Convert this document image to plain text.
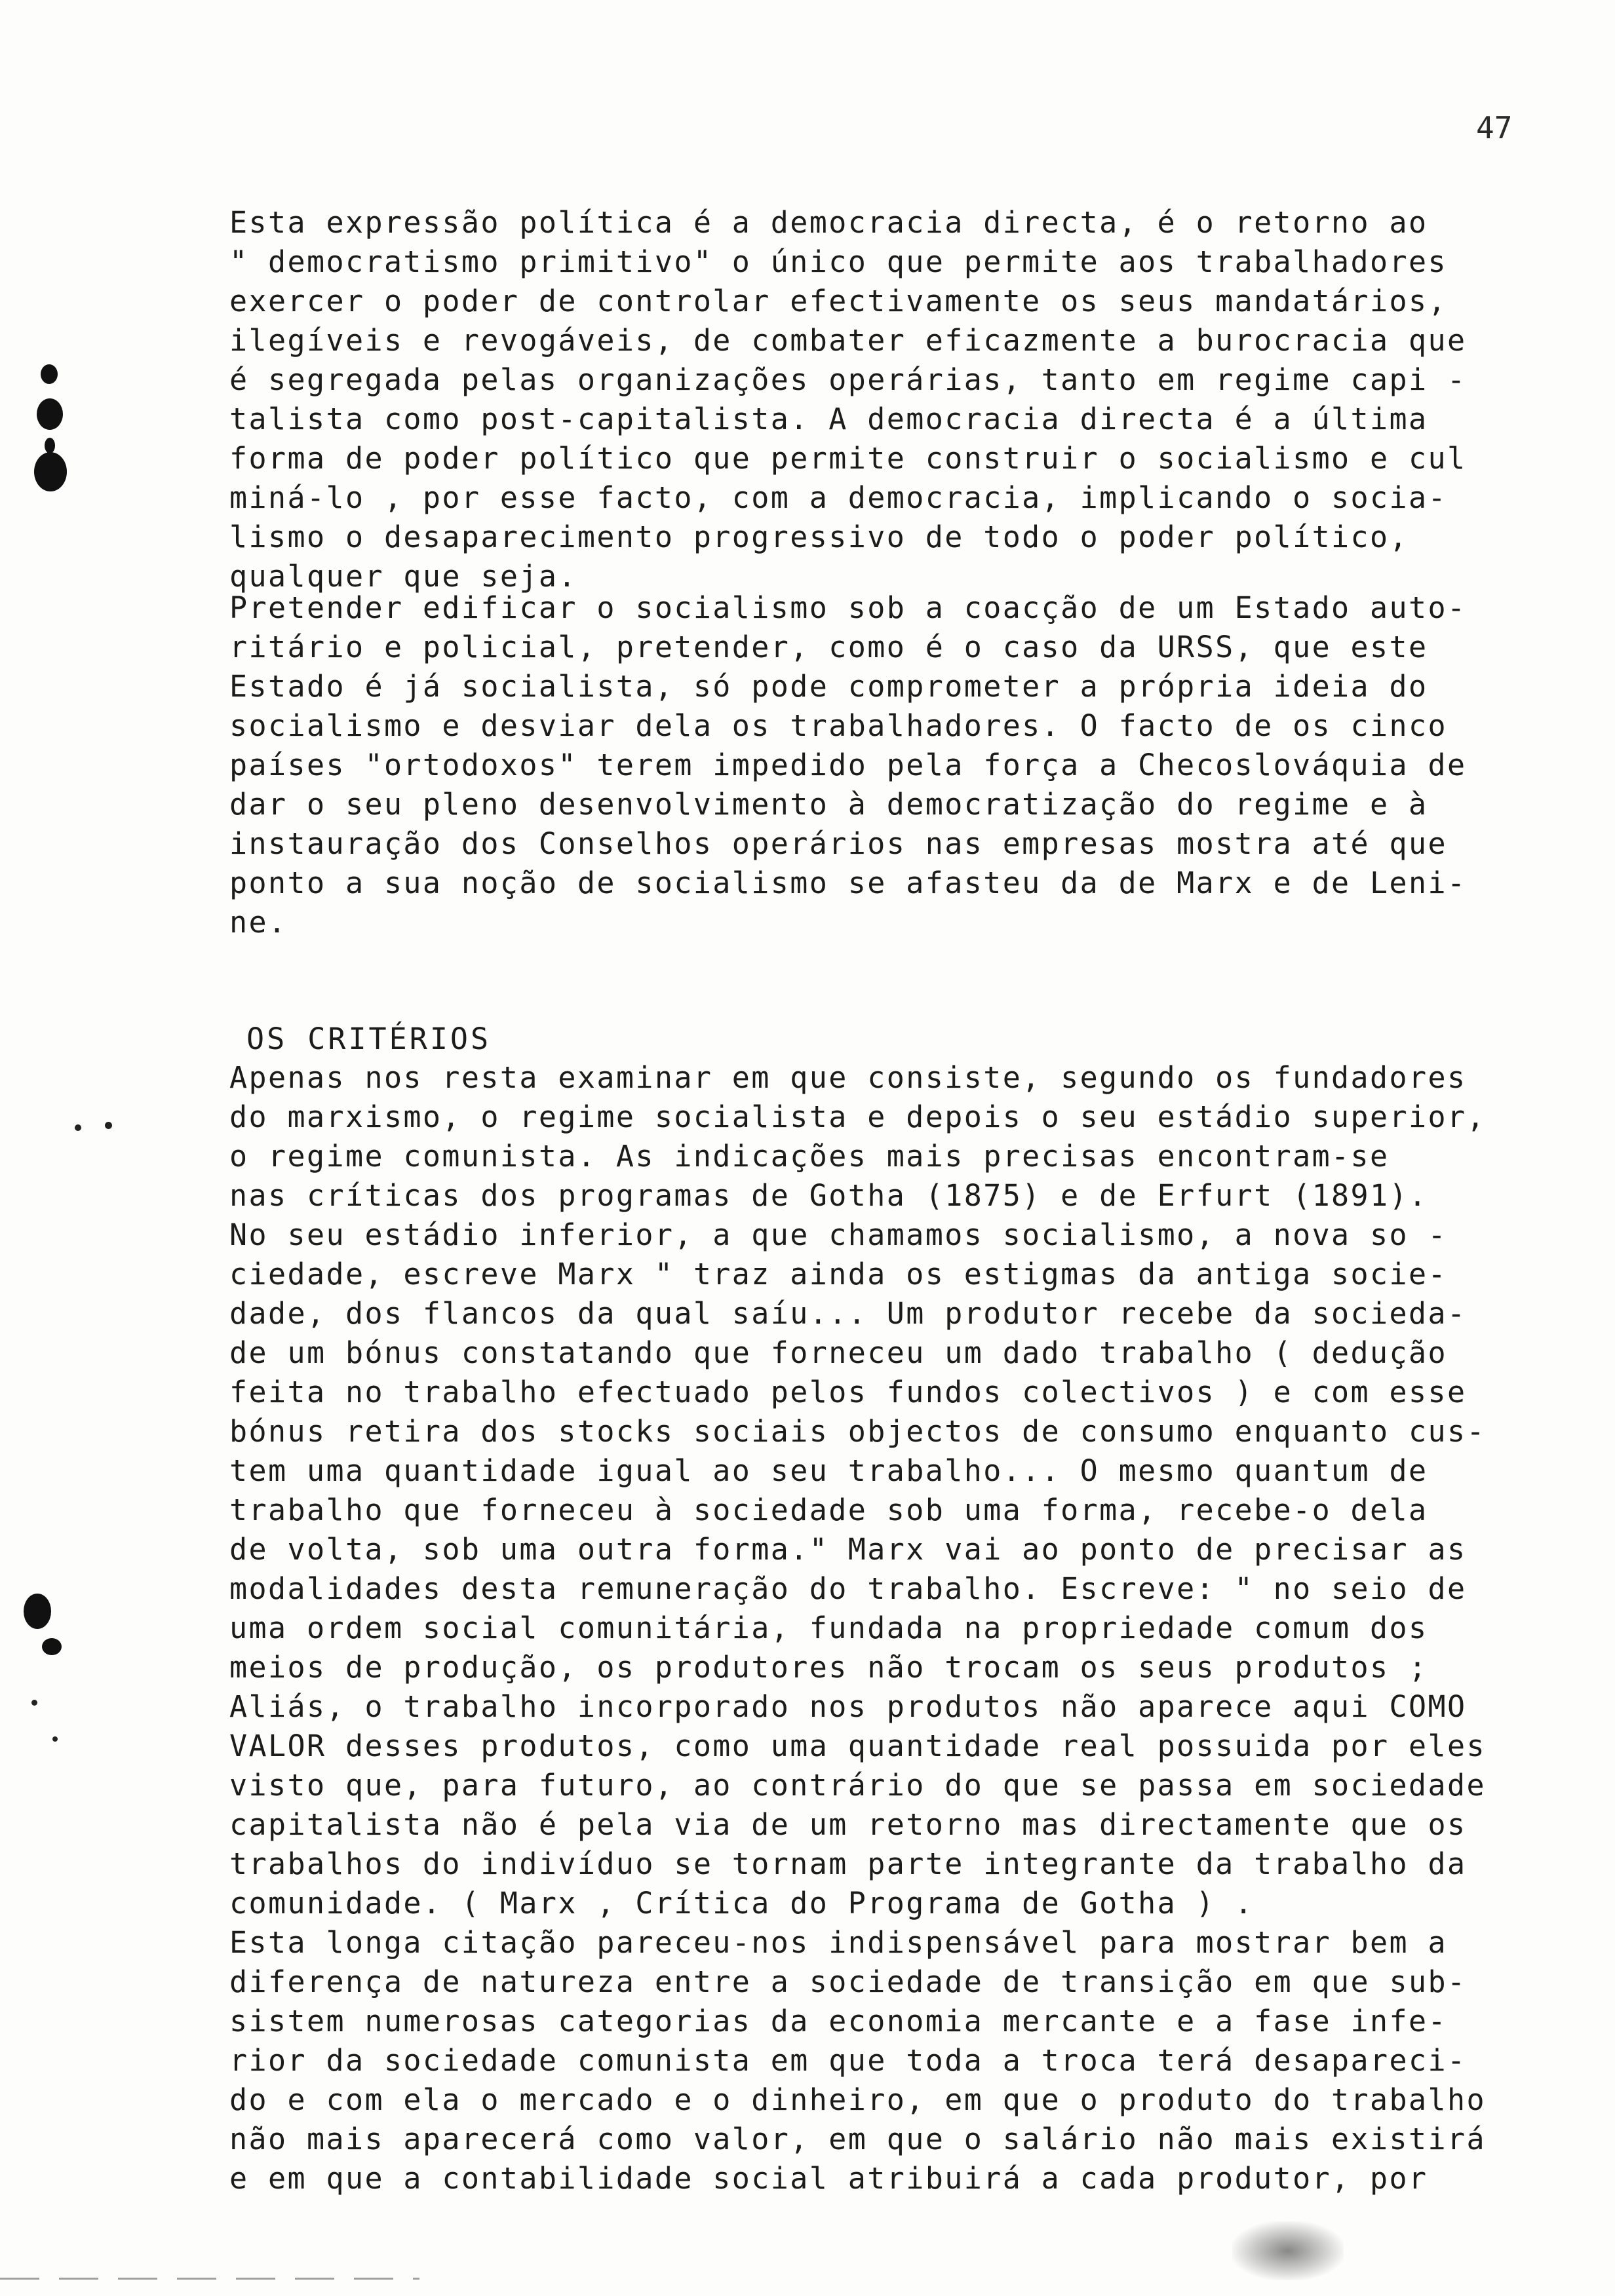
47
Esta expressão política é a democracia directa, é o retorno ao
" democratismo primitivo" o único que permite aos trabalhadores
exercer o poder de controlar efectivamente os seus mandatários,
ilegíveis e revogáveis, de combater eficazmente a burocracia que
é segregada pelas organizações operárias, tanto em regime capi -
talista como post-capitalista. A democracia directa é a última
forma de poder político que permite construir o socialismo e cul
miná-lo , por esse facto, com a democracia, implicando o socia-
lismo o desaparecimento progressivo de todo o poder político,
qualquer que seja.
Pretender edificar o socialismo sob a coacção de um Estado auto-
ritário e policial, pretender, como é o caso da URSS, que este
Estado é já socialista, só pode comprometer a própria ideia do
socialismo e desviar dela os trabalhadores. O facto de os cinco
países "ortodoxos" terem impedido pela força a Checoslováquia de
dar o seu pleno desenvolvimento à democratização do regime e à
instauração dos Conselhos operários nas empresas mostra até que
ponto a sua noção de socialismo se afasteu da de Marx e de Leni-
ne.
OS CRITÉRIOS
Apenas nos resta examinar em que consiste, segundo os fundadores
do marxismo, o regime socialista e depois o seu estádio superior,
o regime comunista. As indicações mais precisas encontram-se
nas críticas dos programas de Gotha (1875) e de Erfurt (1891).
No seu estádio inferior, a que chamamos socialismo, a nova so -
ciedade, escreve Marx " traz ainda os estigmas da antiga socie-
dade, dos flancos da qual saíu... Um produtor recebe da socieda-
de um bónus constatando que forneceu um dado trabalho ( dedução
feita no trabalho efectuado pelos fundos colectivos ) e com esse
bónus retira dos stocks sociais objectos de consumo enquanto cus-
tem uma quantidade igual ao seu trabalho... O mesmo quantum de
trabalho que forneceu à sociedade sob uma forma, recebe-o dela
de volta, sob uma outra forma." Marx vai ao ponto de precisar as
modalidades desta remuneração do trabalho. Escreve: " no seio de
uma ordem social comunitária, fundada na propriedade comum dos
meios de produção, os produtores não trocam os seus produtos ;
Aliás, o trabalho incorporado nos produtos não aparece aqui COMO
VALOR desses produtos, como uma quantidade real possuida por eles
visto que, para futuro, ao contrário do que se passa em sociedade
capitalista não é pela via de um retorno mas directamente que os
trabalhos do indivíduo se tornam parte integrante da trabalho da
comunidade. ( Marx , Crítica do Programa de Gotha ) .
Esta longa citação pareceu-nos indispensável para mostrar bem a
diferença de natureza entre a sociedade de transição em que sub-
sistem numerosas categorias da economia mercante e a fase infe-
rior da sociedade comunista em que toda a troca terá desapareci-
do e com ela o mercado e o dinheiro, em que o produto do trabalho
não mais aparecerá como valor, em que o salário não mais existirá
e em que a contabilidade social atribuirá a cada produtor, por
